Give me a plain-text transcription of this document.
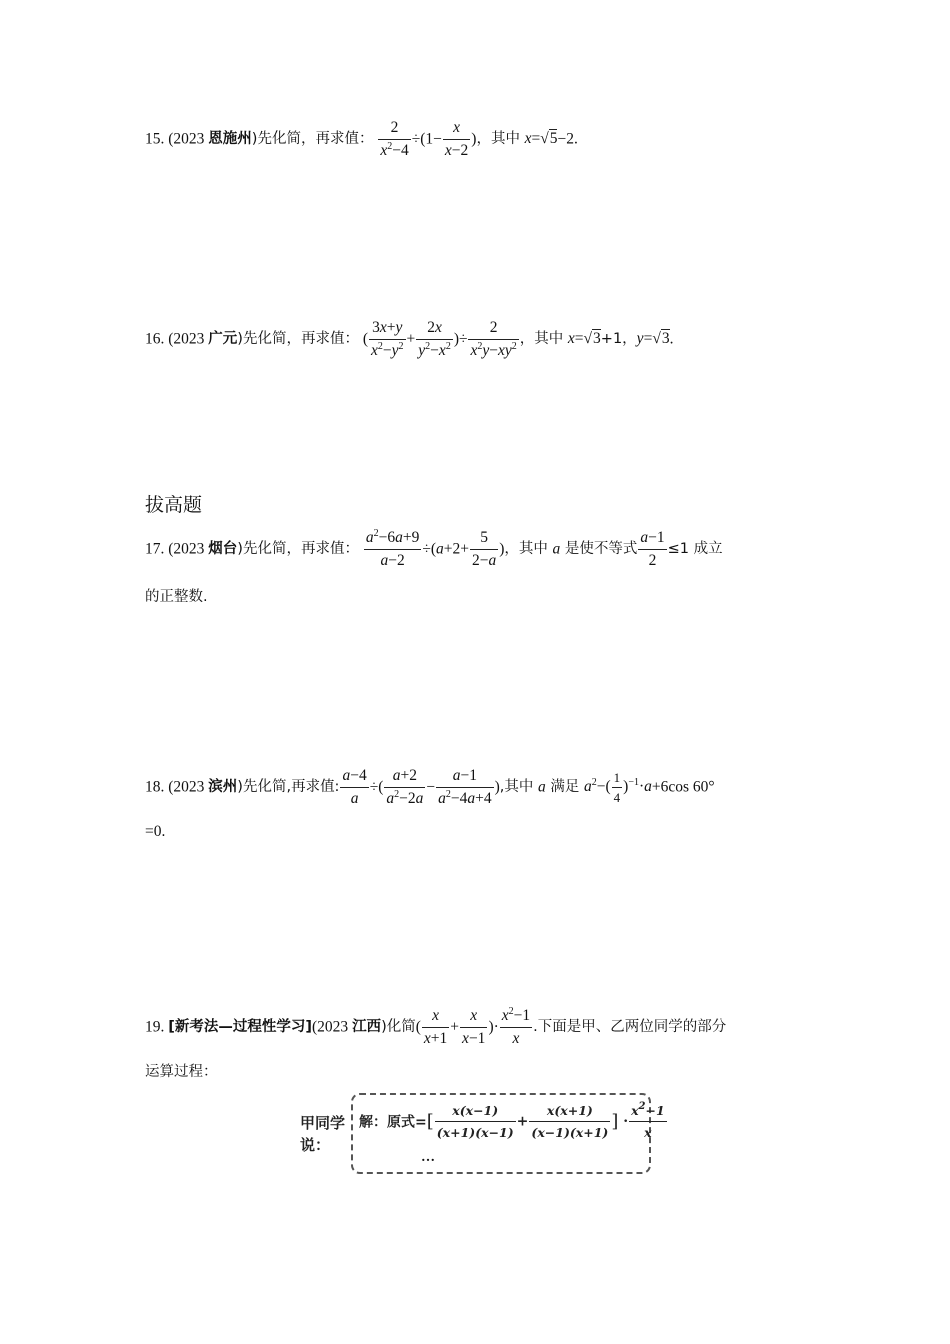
15. (2023 恩施州)先化简，再求值： $\frac{2}{x^2-4} \div(1- \frac{x}{x-2}$ )，其中 x=√5−2.
16. (2023 广元)先化简，再求值： ( $\frac{3x+y}{x^2-y^2} + \frac{2x}{y^2-x^2}$ )÷ $\frac{2}{x^2y-xy^2}$ ，其中 x=√3+1，y=√3.
拔高题
17. (2023 烟台)先化简，再求值： $\frac{a^2-6a+9}{a-2} \div(a+2+ \frac{5}{2-a}$ )，其中 a 是使不等式 $\frac{a-1}{2} \le 1$ 成立
的正整数.
18. (2023 滨州)先化简,再求值: $\frac{a-4}{a}$ ÷( $\frac{a+2}{a^2-2a} - \frac{a-1}{a^2-4a+4}$ ),其中 a 满足 $a^2-( \frac{1}{4} )^{-1}\cdot a+6\cos$ 60°
=0.
19. [新考法—过程性学习](2023 江西)化简( $\frac{x}{x+1} + \frac{x}{x-1}$ )· $\frac{x^2-1}{x}$ .下面是甲、乙两位同学的部分
运算过程：
甲同学
说：
解：原式=[ $\frac{x(x-1)}{(x+1)(x-1)} + \frac{x(x+1)}{(x-1)(x+1)}$ ] · $\frac{x^2-1}{x}$
…
